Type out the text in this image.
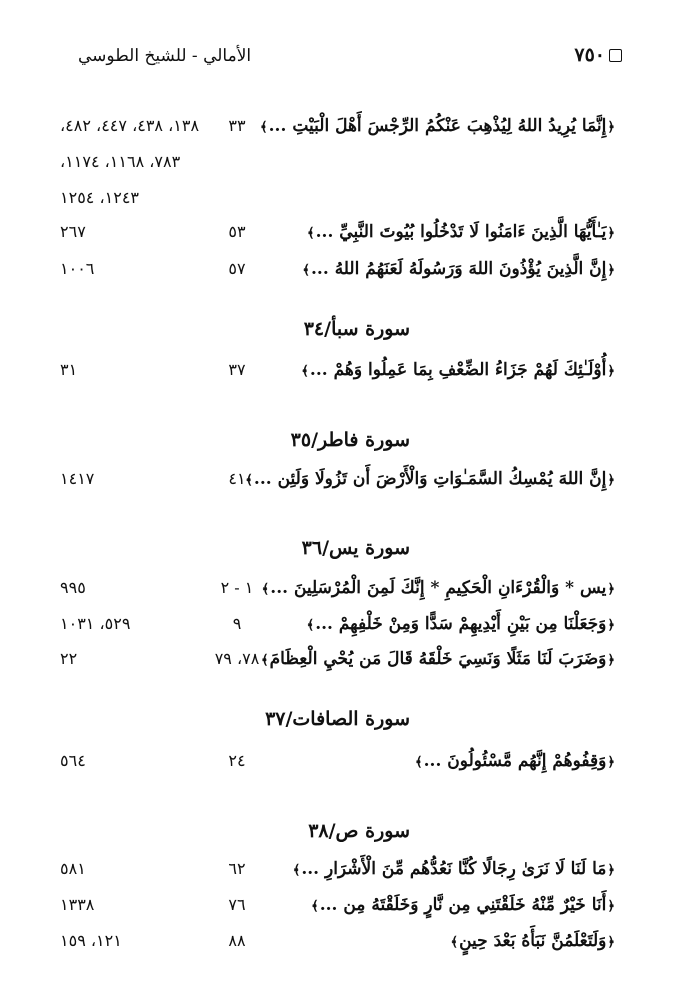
٧٥٠
الأمالي - للشيخ الطوسي
﴿إِنَّمَا يُرِيدُ اللهُ لِيُذْهِبَ عَنْكُمُ الرِّجْسَ أَهْلَ الْبَيْتِ ...﴾
٣٣
١٣٨، ٤٣٨، ٤٤٧، ٤٨٢،
٧٨٣، ١١٦٨، ١١٧٤،
١٢٤٣، ١٢٥٤
﴿يَـٰأَيُّهَا الَّذِينَ ءَامَنُوا لَا تَدْخُلُوا بُيُوتَ النَّبِيِّ ...﴾
٥٣
٢٦٧
﴿إِنَّ الَّذِينَ يُؤْذُونَ اللهَ وَرَسُولَهُ لَعَنَهُمُ اللهُ ...﴾
٥٧
١٠٠٦
سورة سبأ/٣٤
﴿أُوْلَـٰئِكَ لَهُمْ جَزَاءُ الضِّعْفِ بِمَا عَمِلُوا وَهُمْ ...﴾
٣٧
٣١
سورة فاطر/٣٥
﴿إِنَّ اللهَ يُمْسِكُ السَّمَـٰوَاتِ وَالْأَرْضَ أَن تَزُولَا وَلَئِن ...﴾
٤١
١٤١٧
سورة يس/٣٦
﴿يس * وَالْقُرْءَانِ الْحَكِيمِ * إِنَّكَ لَمِنَ الْمُرْسَلِينَ ...﴾
١ - ٢
٩٩٥
﴿وَجَعَلْنَا مِن بَيْنِ أَيْدِيهِمْ سَدًّا وَمِنْ خَلْفِهِمْ ...﴾
٩
٥٢٩، ١٠٣١
﴿وَضَرَبَ لَنَا مَثَلًا وَنَسِيَ خَلْقَهُ قَالَ مَن يُحْيِ الْعِظَامَ﴾
٧٨، ٧٩
٢٢
سورة الصافات/٣٧
﴿وَقِفُوهُمْ إِنَّهُم مَّسْئُولُونَ ...﴾
٢٤
٥٦٤
سورة ص/٣٨
﴿مَا لَنَا لَا نَرَىٰ رِجَالًا كُنَّا نَعُدُّهُم مِّنَ الْأَشْرَارِ ...﴾
٦٢
٥٨١
﴿أَنَا خَيْرٌ مِّنْهُ خَلَقْتَنِي مِن نَّارٍ وَخَلَقْتَهُ مِن ...﴾
٧٦
١٣٣٨
﴿وَلَتَعْلَمُنَّ نَبَأَهُ بَعْدَ حِينٍ﴾
٨٨
١٢١، ١٥٩
